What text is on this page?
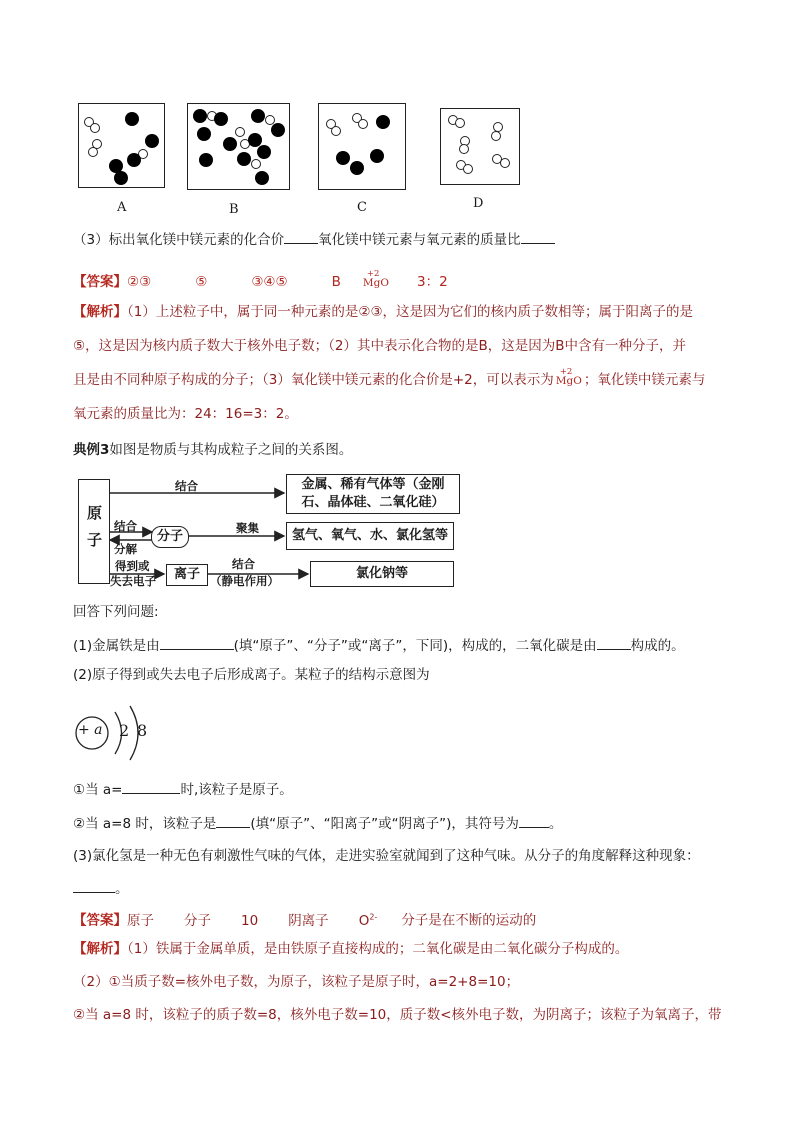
A	B	C	D
（3）标出氧化镁中镁元素的化合价	氧化镁中镁元素与氧元素的质量比
【答案】②③	⑤	③④⑤	B	+2
MgO 3：2
【解析】（1）上述粒子中，属于同一种元素的是②③，这是因为它们的核内质子数相等；属于阳离子的是
⑤，这是因为核内质子数大于核外电子数；（2）其中表示化合物的是B，这是因为B中含有一种分子，并
且是由不同种原子构成的分子；（3）氧化镁中镁元素的化合价是+2，可以表示为 +2
MgO ；氧化镁中镁元素与
氧元素的质量比为：24：16=3：2。
典例3如图是物质与其构成粒子之间的关系图。
原子
结合	金属、稀有气体等（金刚石、晶体硅、二氧化硅）
结合
分解
分子
聚集	氢气、氧气、水、氯化氢等
得到或
失去电子 离子
结合
（静电作用）	氯化钠等
回答下列问题:
(1)金属铁是由	(填“原子”、“分子”或“离子”，下同)，构成的，二氧化碳是由	构成的。
(2)原子得到或失去电子后形成离子。某粒子的结构示意图为
+ a 2 8
①当 a=	时,该粒子是原子。
②当 a=8 时，该粒子是	(填“原子”、“阳离子”或“阴离子”)，其符号为 。
(3)氯化氢是一种无色有刺激性气味的气体，走进实验室就闻到了这种气味。从分子的角度解释这种现象：
。
【答案】原子 分子 10 阴离子 $O^{2-}$ 分子是在不断的运动的
【解析】（1）铁属于金属单质，是由铁原子直接构成的；二氧化碳是由二氧化碳分子构成的。
（2）①当质子数=核外电子数，为原子，该粒子是原子时，a=2+8=10；
②当 a=8 时，该粒子的质子数=8，核外电子数=10，质子数<核外电子数，为阴离子；该粒子为氧离子，带
